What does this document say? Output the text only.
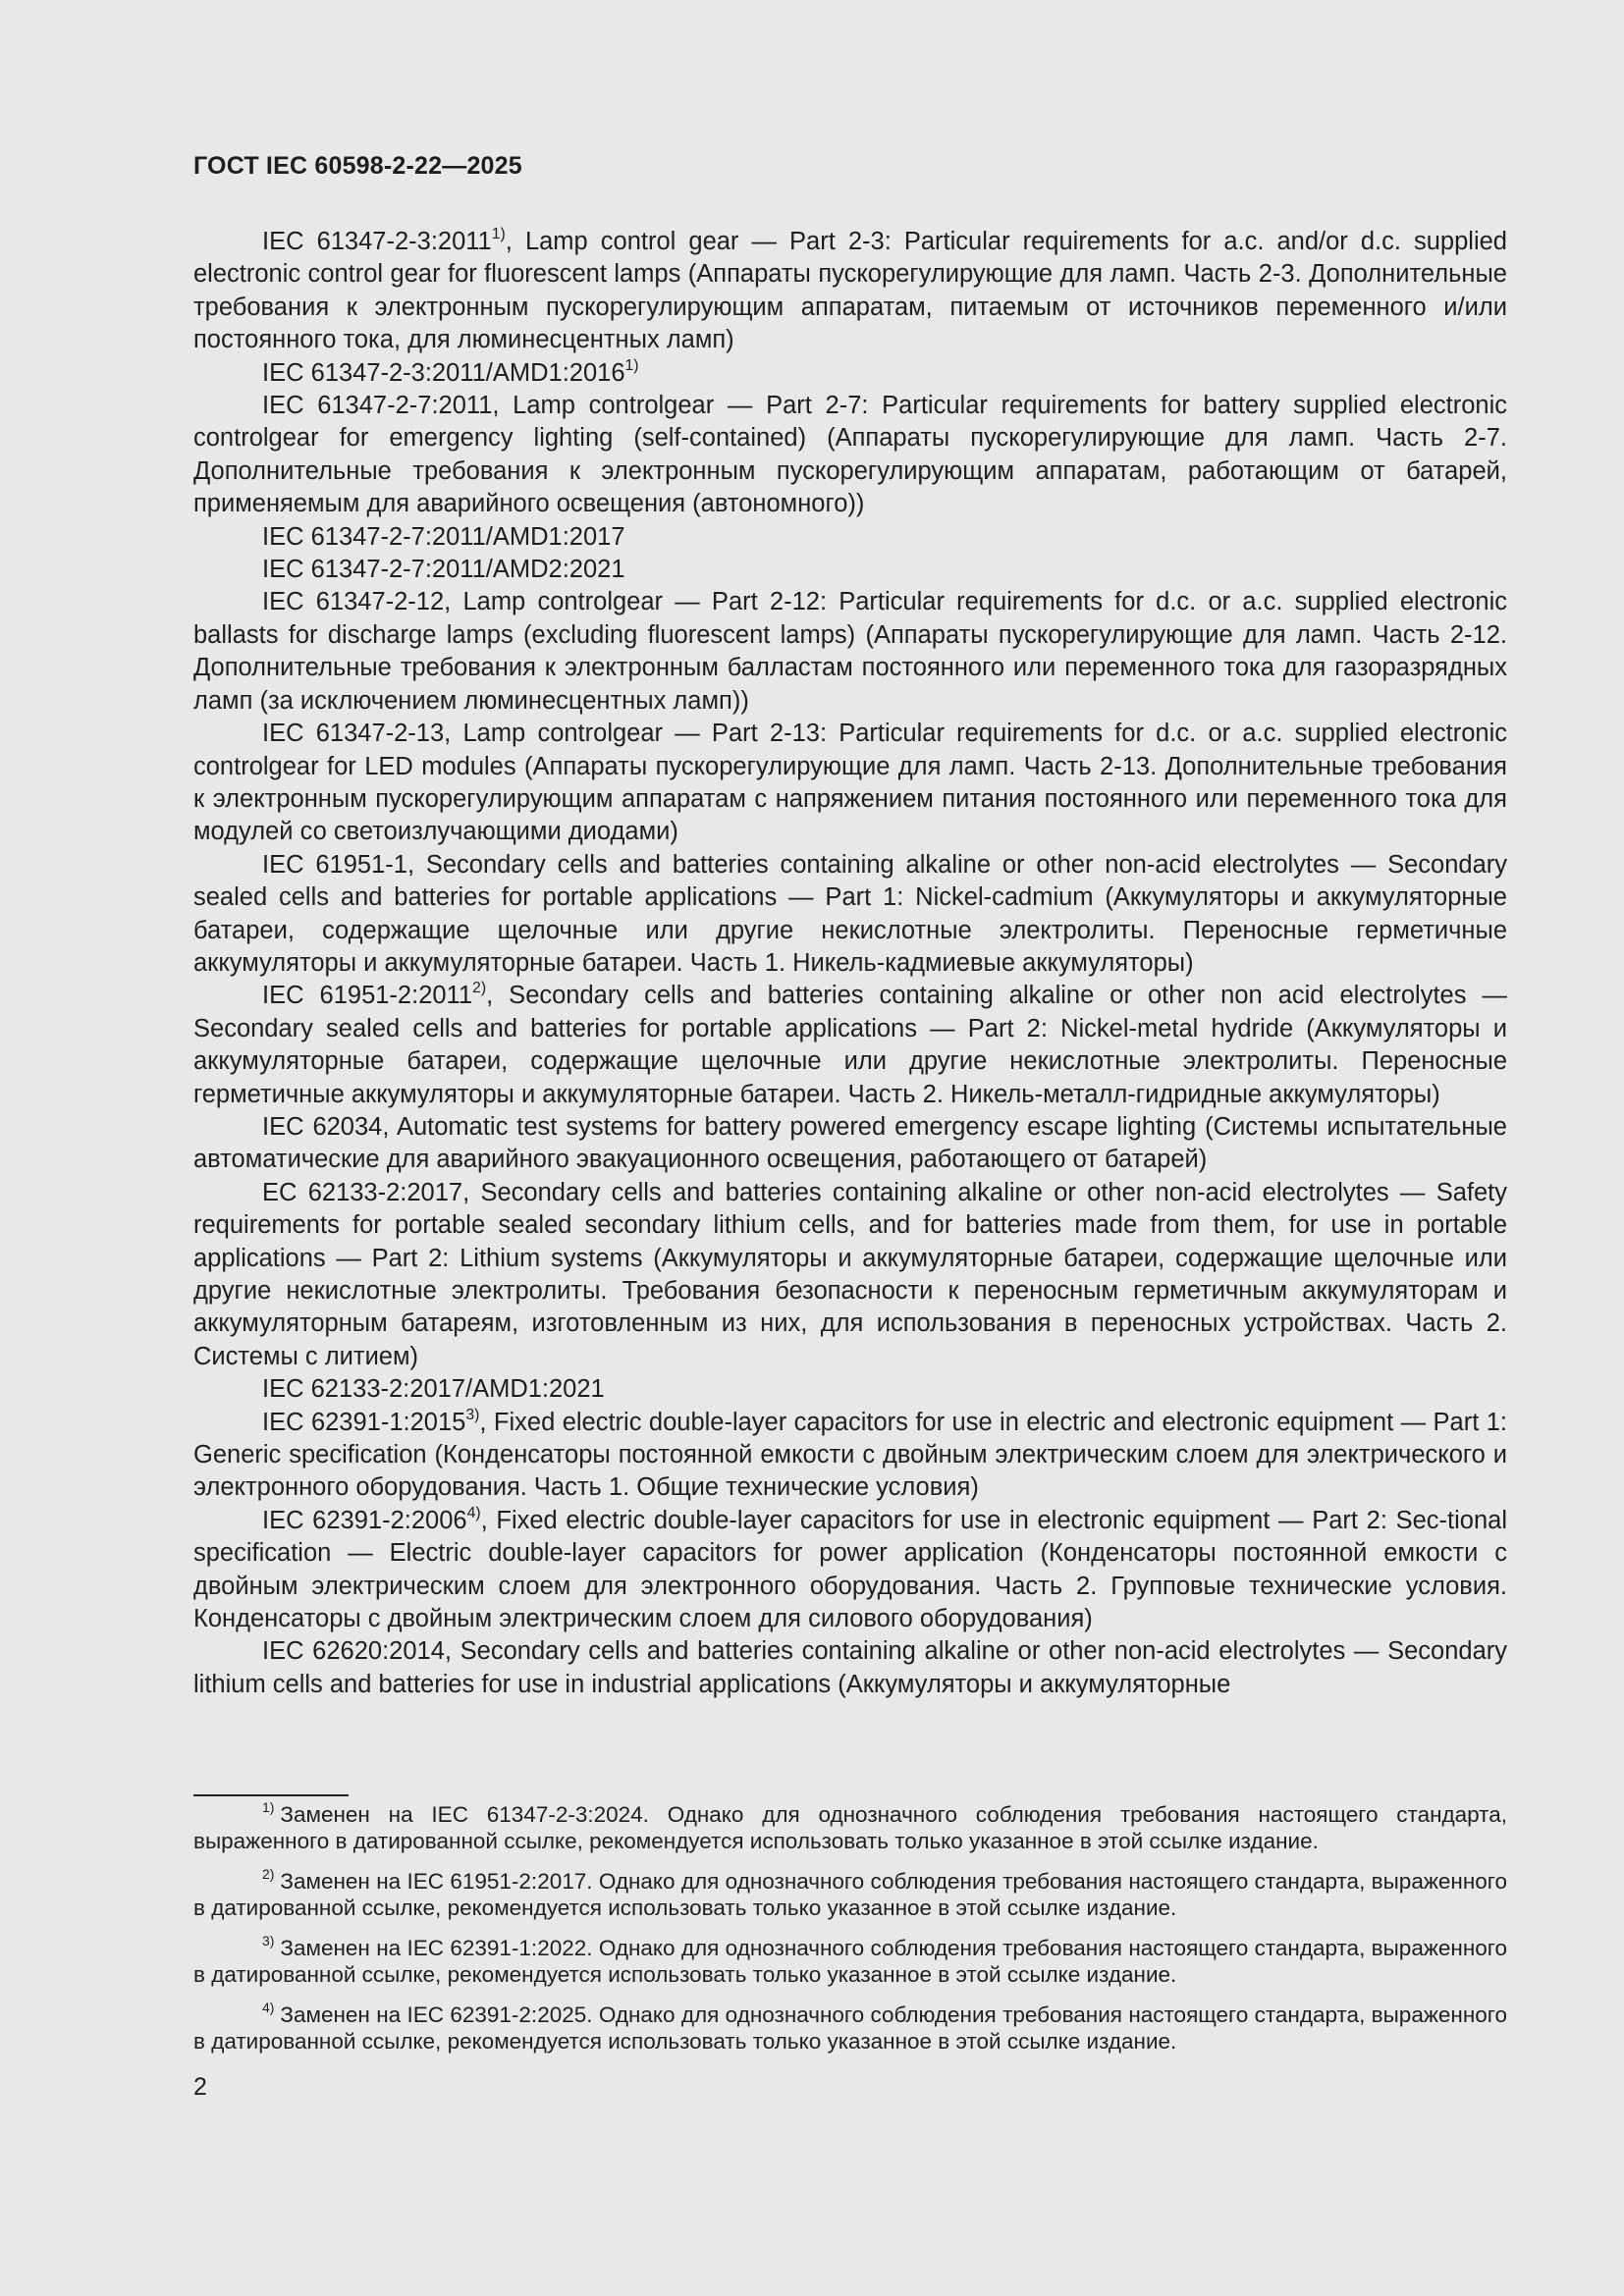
ГОСТ IEC 60598-2-22—2025

IEC 61347-2-3:2011$^{1)}$, Lamp control gear — Part 2-3: Particular requirements for a.c. and/or d.c. supplied electronic control gear for fluorescent lamps (Аппараты пускорегулирующие для ламп. Часть 2-3. Дополнительные требования к электронным пускорегулирующим аппаратам, питаемым от источников переменного и/или постоянного тока, для люминесцентных ламп)

IEC 61347-2-3:2011/AMD1:2016$^{1)}$

IEC 61347-2-7:2011, Lamp controlgear — Part 2-7: Particular requirements for battery supplied electronic controlgear for emergency lighting (self-contained) (Аппараты пускорегулирующие для ламп. Часть 2-7. Дополнительные требования к электронным пускорегулирующим аппаратам, работающим от батарей, применяемым для аварийного освещения (автономного))

IEC 61347-2-7:2011/AMD1:2017

IEC 61347-2-7:2011/AMD2:2021

IEC 61347-2-12, Lamp controlgear — Part 2-12: Particular requirements for d.c. or a.c. supplied electronic ballasts for discharge lamps (excluding fluorescent lamps) (Аппараты пускорегулирующие для ламп. Часть 2-12. Дополнительные требования к электронным балластам постоянного или переменного тока для газоразрядных ламп (за исключением люминесцентных ламп))

IEC 61347-2-13, Lamp controlgear — Part 2-13: Particular requirements for d.c. or a.c. supplied electronic controlgear for LED modules (Аппараты пускорегулирующие для ламп. Часть 2-13. Дополнительные требования к электронным пускорегулирующим аппаратам с напряжением питания постоянного или переменного тока для модулей со светоизлучающими диодами)

IEC 61951-1, Secondary cells and batteries containing alkaline or other non-acid electrolytes — Secondary sealed cells and batteries for portable applications — Part 1: Nickel-cadmium (Аккумуляторы и аккумуляторные батареи, содержащие щелочные или другие некислотные электролиты. Переносные герметичные аккумуляторы и аккумуляторные батареи. Часть 1. Никель-кадмиевые аккумуляторы)

IEC 61951-2:2011$^{2)}$, Secondary cells and batteries containing alkaline or other non acid electrolytes — Secondary sealed cells and batteries for portable applications — Part 2: Nickel-metal hydride (Аккумуляторы и аккумуляторные батареи, содержащие щелочные или другие некислотные электролиты. Переносные герметичные аккумуляторы и аккумуляторные батареи. Часть 2. Никель-металл-гидридные аккумуляторы)

IEC 62034, Automatic test systems for battery powered emergency escape lighting (Системы испытательные автоматические для аварийного эвакуационного освещения, работающего от батарей)

EC 62133-2:2017, Secondary cells and batteries containing alkaline or other non-acid electrolytes — Safety requirements for portable sealed secondary lithium cells, and for batteries made from them, for use in portable applications — Part 2: Lithium systems (Аккумуляторы и аккумуляторные батареи, содержащие щелочные или другие некислотные электролиты. Требования безопасности к переносным герметичным аккумуляторам и аккумуляторным батареям, изготовленным из них, для использования в переносных устройствах. Часть 2. Системы с литием)

IEC 62133-2:2017/AMD1:2021

IEC 62391-1:2015$^{3)}$, Fixed electric double-layer capacitors for use in electric and electronic equipment — Part 1: Generic specification (Конденсаторы постоянной емкости с двойным электрическим слоем для электрического и электронного оборудования. Часть 1. Общие технические условия)

IEC 62391-2:2006$^{4)}$, Fixed electric double-layer capacitors for use in electronic equipment — Part 2: Sec-tional specification — Electric double-layer capacitors for power application (Конденсаторы постоянной емкости с двойным электрическим слоем для электронного оборудования. Часть 2. Групповые технические условия. Конденсаторы с двойным электрическим слоем для силового оборудования)

IEC 62620:2014, Secondary cells and batteries containing alkaline or other non-acid electrolytes — Secondary lithium cells and batteries for use in industrial applications (Аккумуляторы и аккумуляторные

$^{1)}$ Заменен на IEC 61347-2-3:2024. Однако для однозначного соблюдения требования настоящего стандарта, выраженного в датированной ссылке, рекомендуется использовать только указанное в этой ссылке издание.

$^{2)}$ Заменен на IEC 61951-2:2017. Однако для однозначного соблюдения требования настоящего стандарта, выраженного в датированной ссылке, рекомендуется использовать только указанное в этой ссылке издание.

$^{3)}$ Заменен на IEC 62391-1:2022. Однако для однозначного соблюдения требования настоящего стандарта, выраженного в датированной ссылке, рекомендуется использовать только указанное в этой ссылке издание.

$^{4)}$ Заменен на IEC 62391-2:2025. Однако для однозначного соблюдения требования настоящего стандарта, выраженного в датированной ссылке, рекомендуется использовать только указанное в этой ссылке издание.

2
